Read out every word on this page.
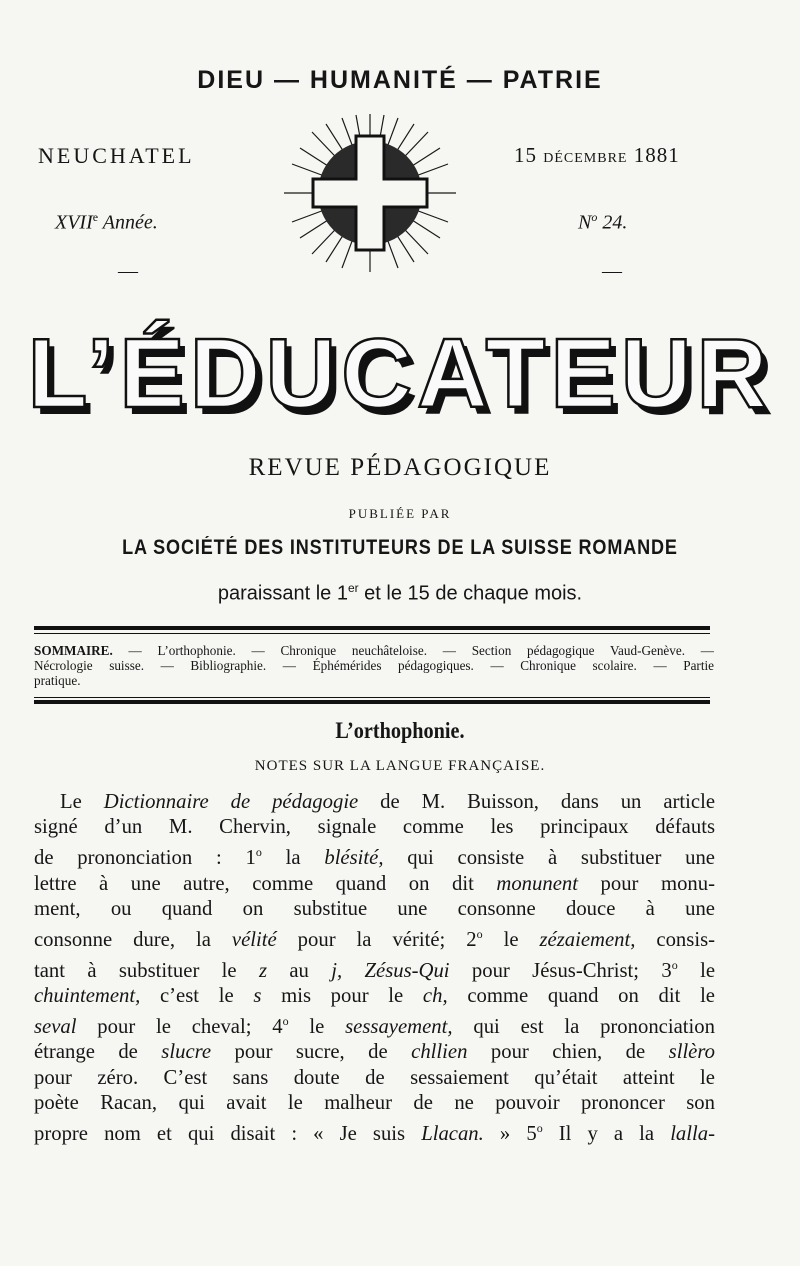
DIEU — HUMANITÉ — PATRIE
NEUCHATEL	15 DÉCEMBRE 1881
XVIIe Année.	$N^o$ 24.
—	—
L’ÉDUCATEUR
REVUE PÉDAGOGIQUE
PUBLIÉE PAR
LA SOCIÉTÉ DES INSTITUTEURS DE LA SUISSE ROMANDE
paraissant le 1er et le 15 de chaque mois.
SOMMAIRE. — L’orthophonie. — Chronique neuchâteloise. — Section pédagogique Vaud-Genève. —
Nécrologie suisse. — Bibliographie. — Éphémérides pédagogiques. — Chronique scolaire. — Partie
pratique.
L’orthophonie.
NOTES SUR LA LANGUE FRANÇAISE.
Le Dictionnaire de pédagogie de M. Buisson, dans un article
signé d’un M. Chervin, signale comme les principaux défauts
de prononciation : 1$^o$ la blésité, qui consiste à substituer une
lettre à une autre, comme quand on dit monunent pour monu-
ment, ou quand on substitue une consonne douce à une
consonne dure, la vélité pour la vérité; 2$^o$ le zézaiement, consis-
tant à substituer le z au j, Zésus-Qui pour Jésus-Christ; 3$^o$ le
chuintement, c’est le s mis pour le ch, comme quand on dit le
seval pour le cheval; 4$^o$ le sessayement, qui est la prononciation
étrange de slucre pour sucre, de chllien pour chien, de sllèro
pour zéro. C’est sans doute de sessaiement qu’était atteint le
poète Racan, qui avait le malheur de ne pouvoir prononcer son
propre nom et qui disait : « Je suis Llacan. » 5$^o$ Il y a la lalla-
